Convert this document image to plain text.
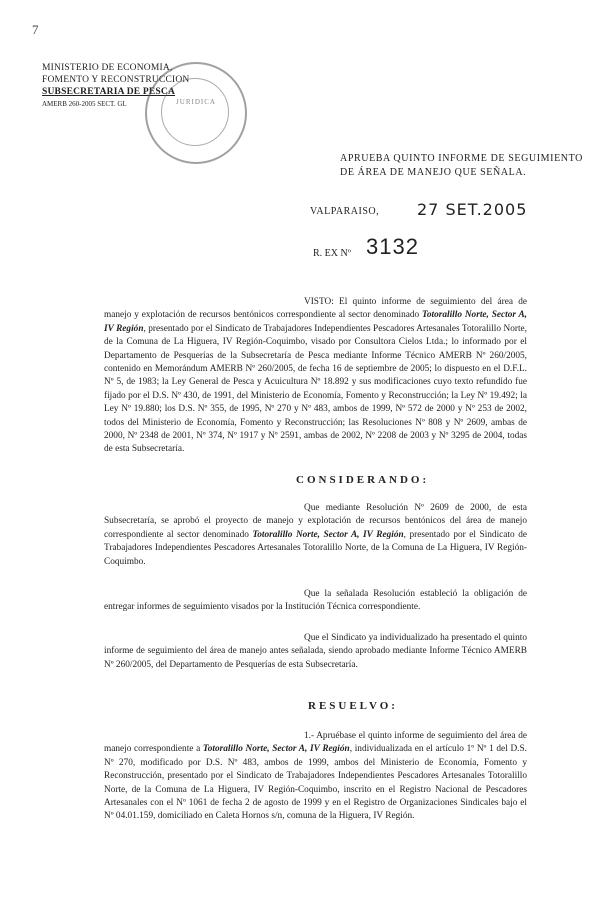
7
MINISTERIO DE ECONOMIA,
FOMENTO Y RECONSTRUCCION
SUBSECRETARIA DE PESCA
AMERB 260-2005 SECT. GL	JURIDICA
APRUEBA QUINTO INFORME DE SEGUIMIENTO
DE ÁREA DE MANEJO QUE SEÑALA.
VALPARAISO, 27 SET.2005
R. EX Nº 3132
VISTO: El quinto informe de seguimiento del área de manejo y explotación de recursos bentónicos correspondiente al sector denominado Totoralillo Norte, Sector A, IV Región, presentado por el Sindicato de Trabajadores Independientes Pescadores Artesanales Totoralillo Norte, de la Comuna de La Higuera, IV Región-Coquimbo, visado por Consultora Cielos Ltda.; lo informado por el Departamento de Pesquerías de la Subsecretaría de Pesca mediante Informe Técnico AMERB Nº 260/2005, contenido en Memorándum AMERB Nº 260/2005, de fecha 16 de septiembre de 2005; lo dispuesto en el D.F.L. Nº 5, de 1983; la Ley General de Pesca y Acuicultura Nº 18.892 y sus modificaciones cuyo texto refundido fue fijado por el D.S. Nº 430, de 1991, del Ministerio de Economía, Fomento y Reconstrucción; la Ley Nº 19.492; la Ley Nº 19.880; los D.S. Nº 355, de 1995, Nº 270 y Nº 483, ambos de 1999, Nº 572 de 2000 y Nº 253 de 2002, todos del Ministerio de Economía, Fomento y Reconstrucción; las Resoluciones Nº 808 y Nº 2609, ambas de 2000, Nº 2348 de 2001, Nº 374, Nº 1917 y Nº 2591, ambas de 2002, Nº 2208 de 2003 y Nº 3295 de 2004, todas de esta Subsecretaría.
CONSIDERANDO:
Que mediante Resolución Nº 2609 de 2000, de esta Subsecretaría, se aprobó el proyecto de manejo y explotación de recursos bentónicos del área de manejo correspondiente al sector denominado Totoralillo Norte, Sector A, IV Región, presentado por el Sindicato de Trabajadores Independientes Pescadores Artesanales Totoralillo Norte, de la Comuna de La Higuera, IV Región-Coquimbo.
Que la señalada Resolución estableció la obligación de entregar informes de seguimiento visados por la Institución Técnica correspondiente.
Que el Sindicato ya individualizado ha presentado el quinto informe de seguimiento del área de manejo antes señalada, siendo aprobado mediante Informe Técnico AMERB Nº 260/2005, del Departamento de Pesquerías de esta Subsecretaría.
RESUELVO:
1.- Apruébase el quinto informe de seguimiento del área de manejo correspondiente a Totoralillo Norte, Sector A, IV Región, individualizada en el artículo 1º Nº 1 del D.S. Nº 270, modificado por D.S. Nº 483, ambos de 1999, ambos del Ministerio de Economía, Fomento y Reconstrucción, presentado por el Sindicato de Trabajadores Independientes Pescadores Artesanales Totoralillo Norte, de la Comuna de La Higuera, IV Región-Coquimbo, inscrito en el Registro Nacional de Pescadores Artesanales con el Nº 1061 de fecha 2 de agosto de 1999 y en el Registro de Organizaciones Sindicales bajo el Nº 04.01.159, domiciliado en Caleta Hornos s/n, comuna de la Higuera, IV Región.
